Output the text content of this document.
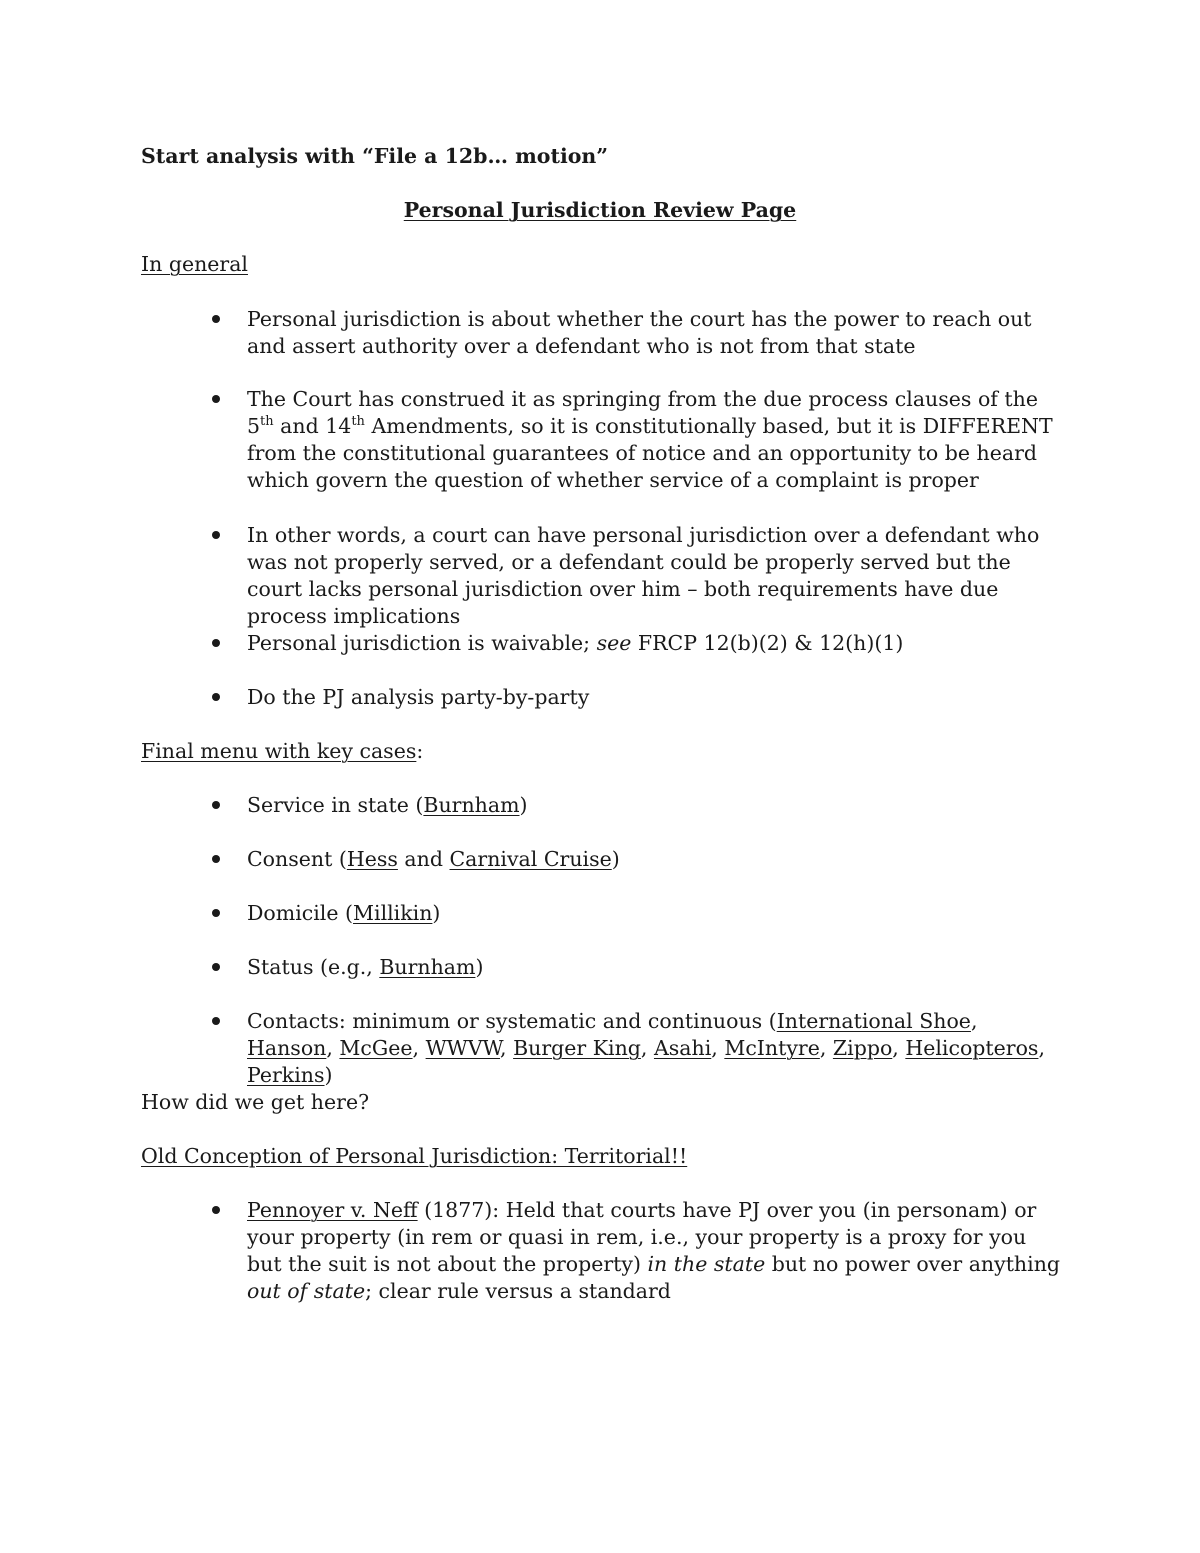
Start analysis with “File a 12b… motion”

Personal Jurisdiction Review Page

In general

Personal jurisdiction is about whether the court has the power to reach out and assert authority over a defendant who is not from that state

The Court has construed it as springing from the due process clauses of the 5th and 14th Amendments, so it is constitutionally based, but it is DIFFERENT from the constitutional guarantees of notice and an opportunity to be heard which govern the question of whether service of a complaint is proper

In other words, a court can have personal jurisdiction over a defendant who was not properly served, or a defendant could be properly served but the court lacks personal jurisdiction over him – both requirements have due process implications

Personal jurisdiction is waivable; see FRCP 12(b)(2) & 12(h)(1)

Do the PJ analysis party-by-party

Final menu with key cases:

Service in state (Burnham)

Consent (Hess and Carnival Cruise)

Domicile (Millikin)

Status (e.g., Burnham)

Contacts: minimum or systematic and continuous (International Shoe, Hanson, McGee, WWVW, Burger King, Asahi, McIntyre, Zippo, Helicopteros, Perkins)

How did we get here?

Old Conception of Personal Jurisdiction: Territorial!!

Pennoyer v. Neff (1877): Held that courts have PJ over you (in personam) or your property (in rem or quasi in rem, i.e., your property is a proxy for you but the suit is not about the property) in the state but no power over anything out of state; clear rule versus a standard
